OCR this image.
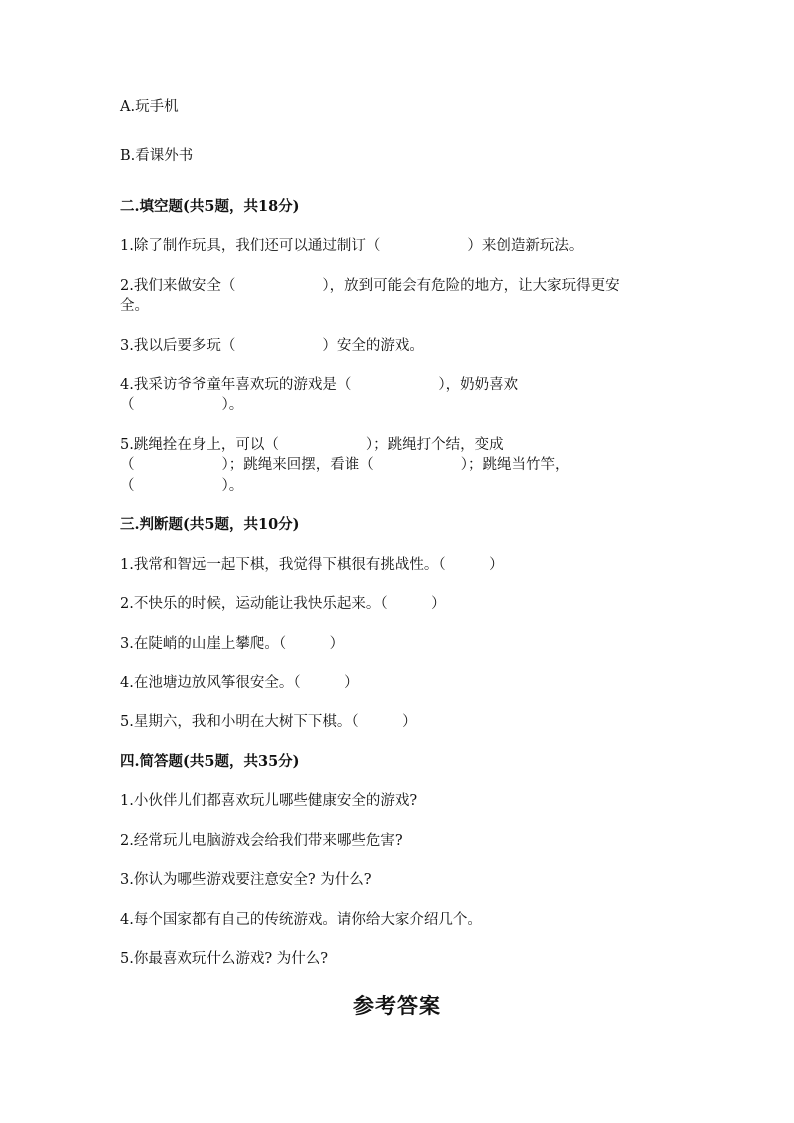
A.玩手机
B.看课外书
二.填空题(共5题，共18分)
1.除了制作玩具，我们还可以通过制订（　　　　　　）来创造新玩法。
2.我们来做安全（　　　　　　），放到可能会有危险的地方，让大家玩得更安
全。
3.我以后要多玩（　　　　　　）安全的游戏。
4.我采访爷爷童年喜欢玩的游戏是（　　　　　　），奶奶喜欢
（　　　　　　）。
5.跳绳拴在身上，可以（　　　　　　）；跳绳打个结，变成
（　　　　　　）；跳绳来回摆，看谁（　　　　　　）；跳绳当竹竿，
（　　　　　　）。
三.判断题(共5题，共10分)
1.我常和智远一起下棋，我觉得下棋很有挑战性。（　　　）
2.不快乐的时候，运动能让我快乐起来。（　　　）
3.在陡峭的山崖上攀爬。（　　　）
4.在池塘边放风筝很安全。（　　　）
5.星期六，我和小明在大树下下棋。（　　　）
四.简答题(共5题，共35分)
1.小伙伴儿们都喜欢玩儿哪些健康安全的游戏?
2.经常玩儿电脑游戏会给我们带来哪些危害?
3.你认为哪些游戏要注意安全? 为什么?
4.每个国家都有自己的传统游戏。请你给大家介绍几个。
5.你最喜欢玩什么游戏? 为什么?
参考答案
